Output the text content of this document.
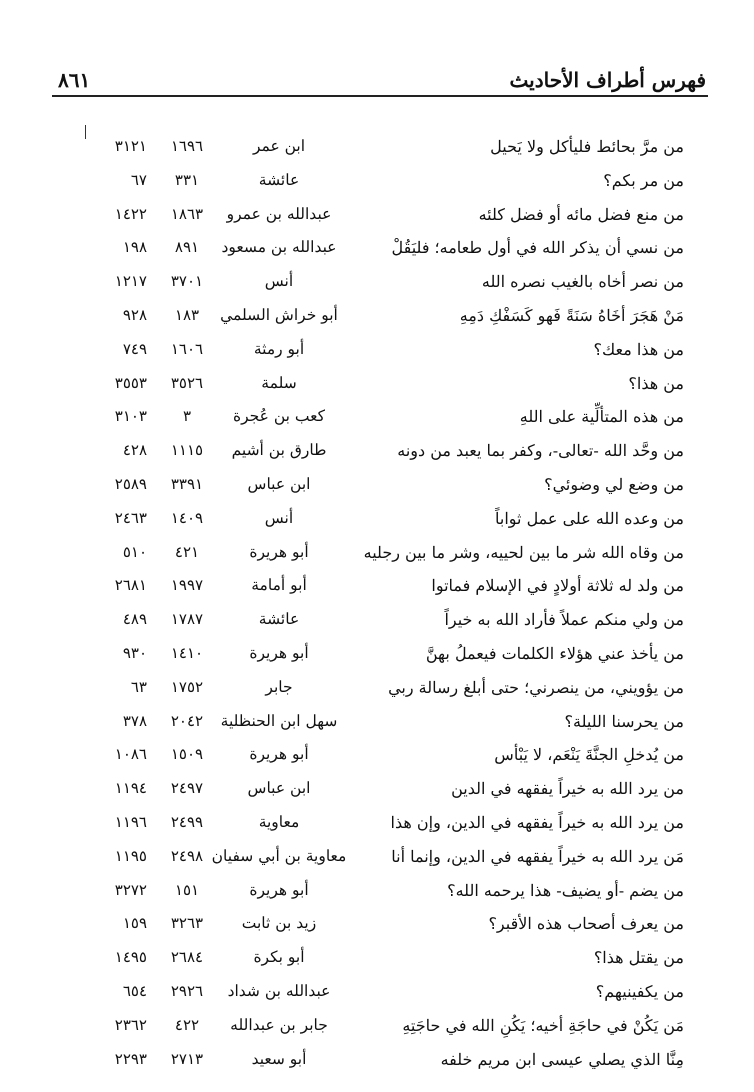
فهرس أطراف الأحاديث
٨٦١
من مرَّ بحائط فليأكل ولا يَحيل
ابن عمر
١٦٩٦
٣١٢١
من مر بكم؟
عائشة
٣٣١
٦٧
من منع فضل مائه أو فضل كلئه
عبدالله بن عمرو
١٨٦٣
١٤٢٢
من نسي أن يذكر الله في أول طعامه؛ فليَقُلْ
عبدالله بن مسعود
٨٩١
١٩٨
من نصر أخاه بالغيب نصره الله
أنس
٣٧٠١
١٢١٧
مَنْ هَجَرَ أخَاهُ سَنَةً فَهو كَسَفْكِ دَمِهِ
أبو خراش السلمي
١٨٣
٩٢٨
من هذا معك؟
أبو رمثة
١٦٠٦
٧٤٩
من هذا؟
سلمة
٣٥٢٦
٣٥٥٣
من هذه المتألِّية على اللهِ
كعب بن عُجرة
٣
٣١٠٣
من وحَّد الله -تعالى-، وكفر بما يعبد من دونه
طارق بن أشيم
١١١٥
٤٢٨
من وضع لي وضوئي؟
ابن عباس
٣٣٩١
٢٥٨٩
من وعده الله على عمل ثواباً
أنس
١٤٠٩
٢٤٦٣
من وقاه الله شر ما بين لحييه، وشر ما بين رجليه
أبو هريرة
٤٢١
٥١٠
من ولد له ثلاثة أولادٍ في الإسلام فماتوا
أبو أمامة
١٩٩٧
٢٦٨١
من ولي منكم عملاً فأراد الله به خيراً
عائشة
١٧٨٧
٤٨٩
من يأخذ عني هؤلاء الكلمات فيعملُ بهنَّ
أبو هريرة
١٤١٠
٩٣٠
من يؤويني، من ينصرني؛ حتى أبلغ رسالة ربي
جابر
١٧٥٢
٦٣
من يحرسنا الليلة؟
سهل ابن الحنظلية
٢٠٤٢
٣٧٨
من يُدخلِ الجنَّةَ يَنْعَم، لا يَبْأس
أبو هريرة
١٥٠٩
١٠٨٦
من يرد الله به خيراً يفقهه في الدين
ابن عباس
٢٤٩٧
١١٩٤
من يرد الله به خيراً يفقهه في الدين، وإن هذا
معاوية
٢٤٩٩
١١٩٦
مَن يرد الله به خيراً يفقهه في الدين، وإنما أنا
معاوية بن أبي سفيان
٢٤٩٨
١١٩٥
من يضم -أو يضيف- هذا يرحمه الله؟
أبو هريرة
١٥١
٣٢٧٢
من يعرف أصحاب هذه الأقبر؟
زيد بن ثابت
٣٢٦٣
١٥٩
من يقتل هذا؟
أبو بكرة
٢٦٨٤
١٤٩٥
من يكفينيهم؟
عبدالله بن شداد
٢٩٢٦
٦٥٤
مَن يَكُنْ في حاجَةِ أخيه؛ يَكُنِ الله في حاجَتِهِ
جابر بن عبدالله
٤٢٢
٢٣٦٢
مِنَّا الذي يصلي عيسى ابن مريم خلفه
أبو سعيد
٢٧١٣
٢٢٩٣
